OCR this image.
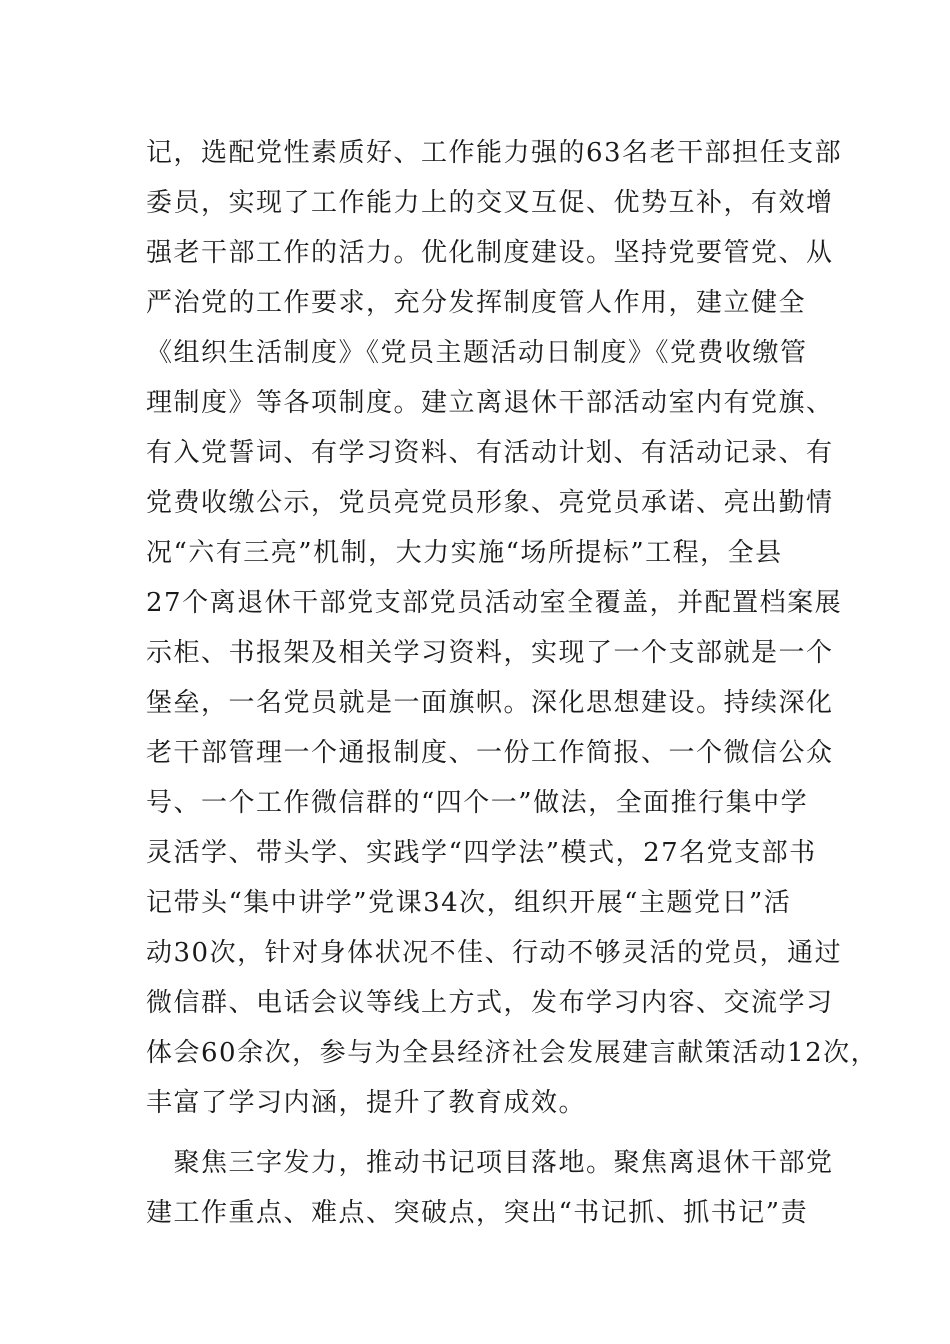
记，选配党性素质好、工作能力强的63名老干部担任支部
委员，实现了工作能力上的交叉互促、优势互补，有效增
强老干部工作的活力。优化制度建设。坚持党要管党、从
严治党的工作要求，充分发挥制度管人作用，建立健全
《组织生活制度》《党员主题活动日制度》《党费收缴管
理制度》等各项制度。建立离退休干部活动室内有党旗、
有入党誓词、有学习资料、有活动计划、有活动记录、有
党费收缴公示，党员亮党员形象、亮党员承诺、亮出勤情
况“六有三亮”机制，大力实施“场所提标”工程，全县
27个离退休干部党支部党员活动室全覆盖，并配置档案展
示柜、书报架及相关学习资料，实现了一个支部就是一个
堡垒，一名党员就是一面旗帜。深化思想建设。持续深化
老干部管理一个通报制度、一份工作简报、一个微信公众
号、一个工作微信群的“四个一”做法，全面推行集中学
灵活学、带头学、实践学“四学法”模式，27名党支部书
记带头“集中讲学”党课34次，组织开展“主题党日”活
动30次，针对身体状况不佳、行动不够灵活的党员，通过
微信群、电话会议等线上方式，发布学习内容、交流学习
体会60余次，参与为全县经济社会发展建言献策活动12次，
丰富了学习内涵，提升了教育成效。
　聚焦三字发力，推动书记项目落地。聚焦离退休干部党
建工作重点、难点、突破点，突出“书记抓、抓书记”责
